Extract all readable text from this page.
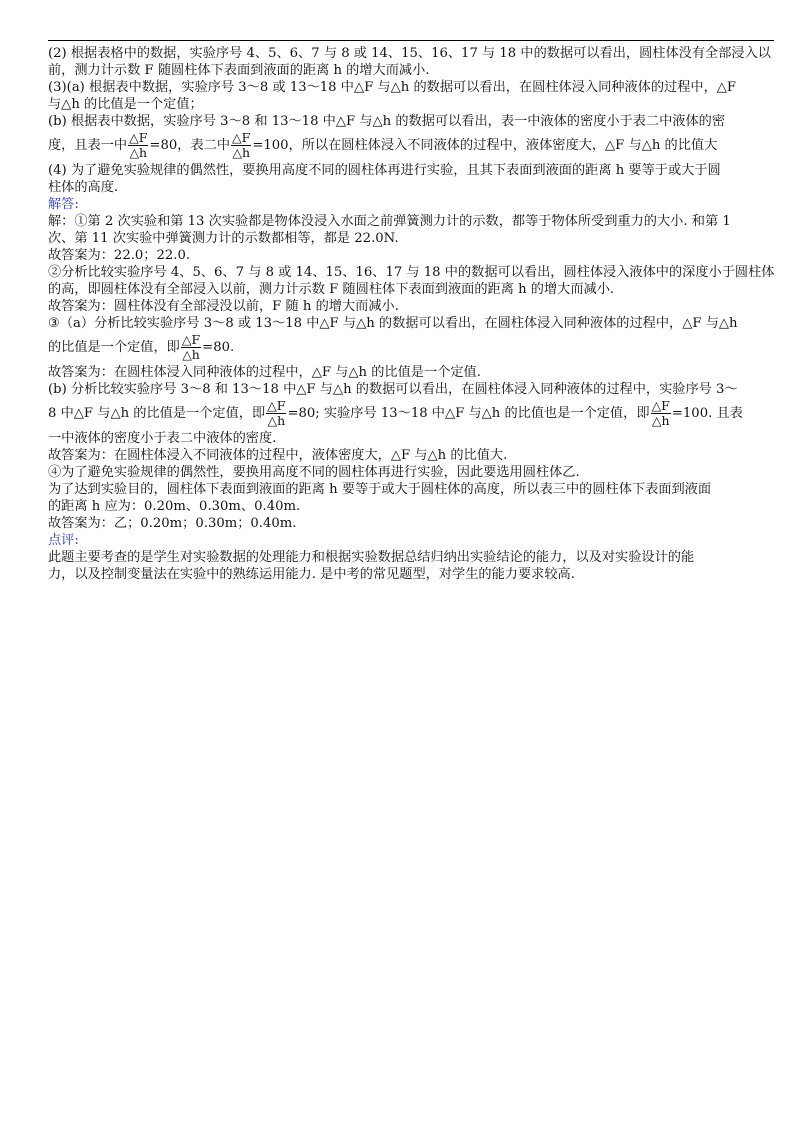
(2) 根据表格中的数据，实验序号 4、5、6、7 与 8 或 14、15、16、17 与 18 中的数据可以看出，圆柱体没有全部浸入以
前，测力计示数 F 随圆柱体下表面到液面的距离 h 的增大而减小.
(3)(a) 根据表中数据，实验序号 3～8 或 13～18 中△F 与△h 的数据可以看出，在圆柱体浸入同种液体的过程中，△F
与△h 的比值是一个定值；
(b) 根据表中数据，实验序号 3～8 和 13～18 中△F 与△h 的数据可以看出，表一中液体的密度小于表二中液体的密
度，且表一中 $\frac{\triangle F}{\triangle h} =80$，表二中 $\frac{\triangle F}{\triangle h} =100$，所以在圆柱体浸入不同液体的过程中，液体密度大，△F 与△h 的比值大
(4) 为了避免实验规律的偶然性，要换用高度不同的圆柱体再进行实验，且其下表面到液面的距离 h 要等于或大于圆
柱体的高度.
解答:
解：①第 2 次实验和第 13 次实验都是物体没浸入水面之前弹簧测力计的示数，都等于物体所受到重力的大小. 和第 1
次、第 11 次实验中弹簧测力计的示数都相等，都是 22.0N.
故答案为：22.0；22.0.
②分析比较实验序号 4、5、6、7 与 8 或 14、15、16、17 与 18 中的数据可以看出，圆柱体浸入液体中的深度小于圆柱体
的高，即圆柱体没有全部浸入以前，测力计示数 F 随圆柱体下表面到液面的距离 h 的增大而减小.
故答案为：圆柱体没有全部浸没以前，F 随 h 的增大而减小.
③（a）分析比较实验序号 3～8 或 13～18 中△F 与△h 的数据可以看出，在圆柱体浸入同种液体的过程中，△F 与△h
的比值是一个定值，即 $\frac{\triangle F}{\triangle h} =80$.
故答案为：在圆柱体浸入同种液体的过程中，△F 与△h 的比值是一个定值.
(b) 分析比较实验序号 3～8 和 13～18 中△F 与△h 的数据可以看出，在圆柱体浸入同种液体的过程中，实验序号 3～
8 中△F 与△h 的比值是一个定值，即 $\frac{\triangle F}{\triangle h} =80$; 实验序号 13～18 中△F 与△h 的比值也是一个定值，即 $\frac{\triangle F}{\triangle h} =100$. 且表
一中液体的密度小于表二中液体的密度.
故答案为：在圆柱体浸入不同液体的过程中，液体密度大，△F 与△h 的比值大.
④为了避免实验规律的偶然性，要换用高度不同的圆柱体再进行实验，因此要选用圆柱体乙.
为了达到实验目的，圆柱体下表面到液面的距离 h 要等于或大于圆柱体的高度，所以表三中的圆柱体下表面到液面
的距离 h 应为：0.20m、0.30m、0.40m.
故答案为：乙；0.20m；0.30m；0.40m.
点评:
此题主要考查的是学生对实验数据的处理能力和根据实验数据总结归纳出实验结论的能力，以及对实验设计的能
力，以及控制变量法在实验中的熟练运用能力. 是中考的常见题型，对学生的能力要求较高.
